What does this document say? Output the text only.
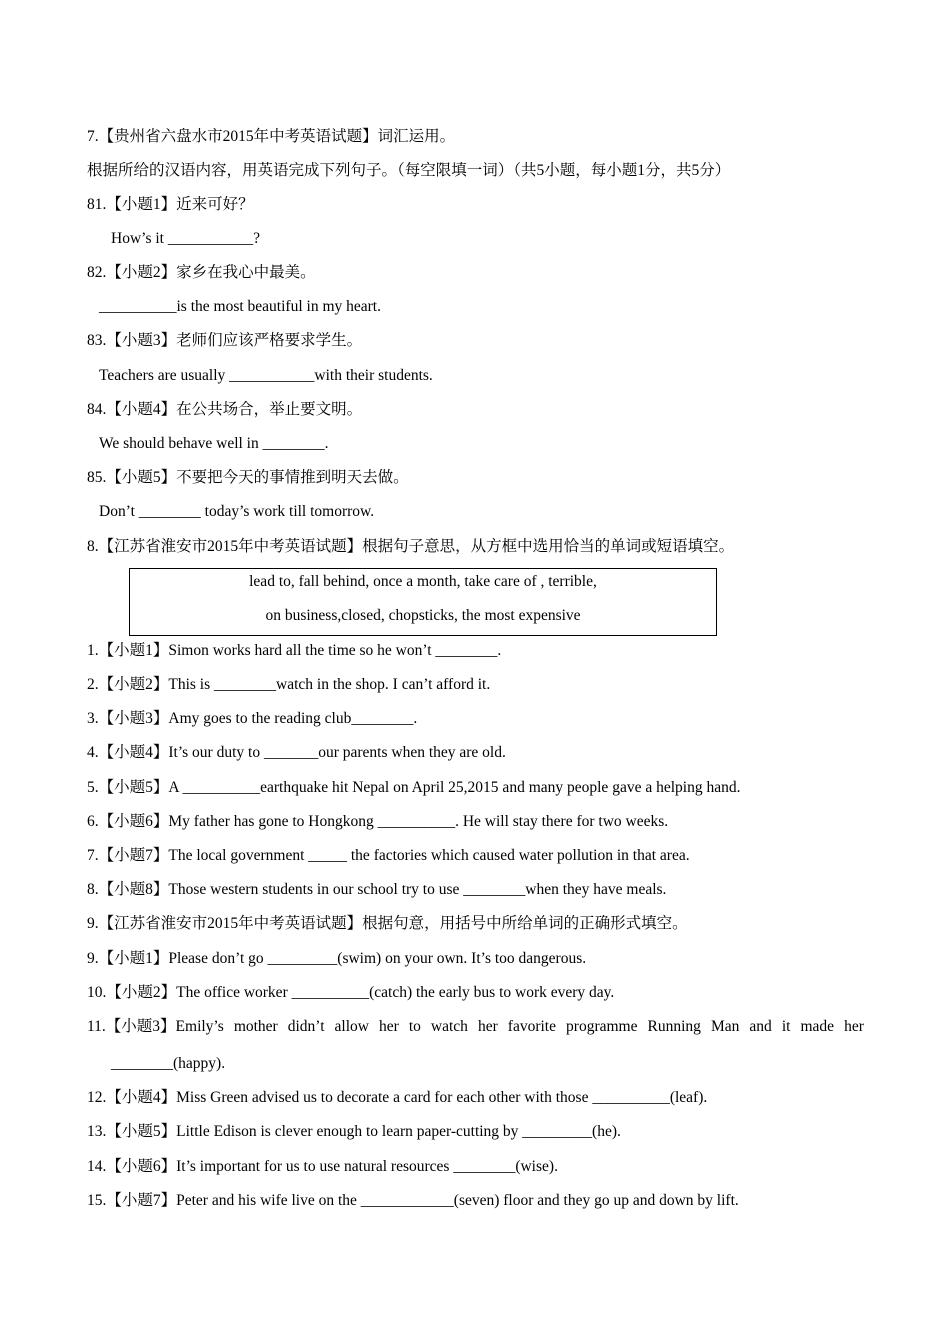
7.【贵州省六盘水市2015年中考英语试题】词汇运用。
根据所给的汉语内容，用英语完成下列句子。（每空限填一词）（共5小题，每小题1分，共5分）
81.【小题1】近来可好？
How’s it ___________?
82.【小题2】家乡在我心中最美。
__________is the most beautiful in my heart.
83.【小题3】老师们应该严格要求学生。
Teachers are usually ___________with their students.
84.【小题4】在公共场合，举止要文明。
We should behave well in ________.
85.【小题5】不要把今天的事情推到明天去做。
Don’t ________ today’s work till tomorrow.
8.【江苏省淮安市2015年中考英语试题】根据句子意思，从方框中选用恰当的单词或短语填空。
lead to, fall behind, once a month, take care of , terrible,
on business,closed, chopsticks, the most expensive
1.【小题1】Simon works hard all the time so he won’t ________.
2.【小题2】This is ________watch in the shop. I can’t afford it.
3.【小题3】Amy goes to the reading club________.
4.【小题4】It’s our duty to _______our parents when they are old.
5.【小题5】A __________earthquake hit Nepal on April 25,2015 and many people gave a helping hand.
6.【小题6】My father has gone to Hongkong __________. He will stay there for two weeks.
7.【小题7】The local government _____ the factories which caused water pollution in that area.
8.【小题8】Those western students in our school try to use ________when they have meals.
9.【江苏省淮安市2015年中考英语试题】根据句意，用括号中所给单词的正确形式填空。
9.【小题1】Please don’t go _________(swim) on your own. It’s too dangerous.
10.【小题2】The office worker __________(catch) the early bus to work every day.
11.【小题3】Emily’s mother didn’t allow her to watch her favorite programme Running Man and it made her
________(happy).
12.【小题4】Miss Green advised us to decorate a card for each other with those __________(leaf).
13.【小题5】Little Edison is clever enough to learn paper-cutting by _________(he).
14.【小题6】It’s important for us to use natural resources ________(wise).
15.【小题7】Peter and his wife live on the ____________(seven) floor and they go up and down by lift.
